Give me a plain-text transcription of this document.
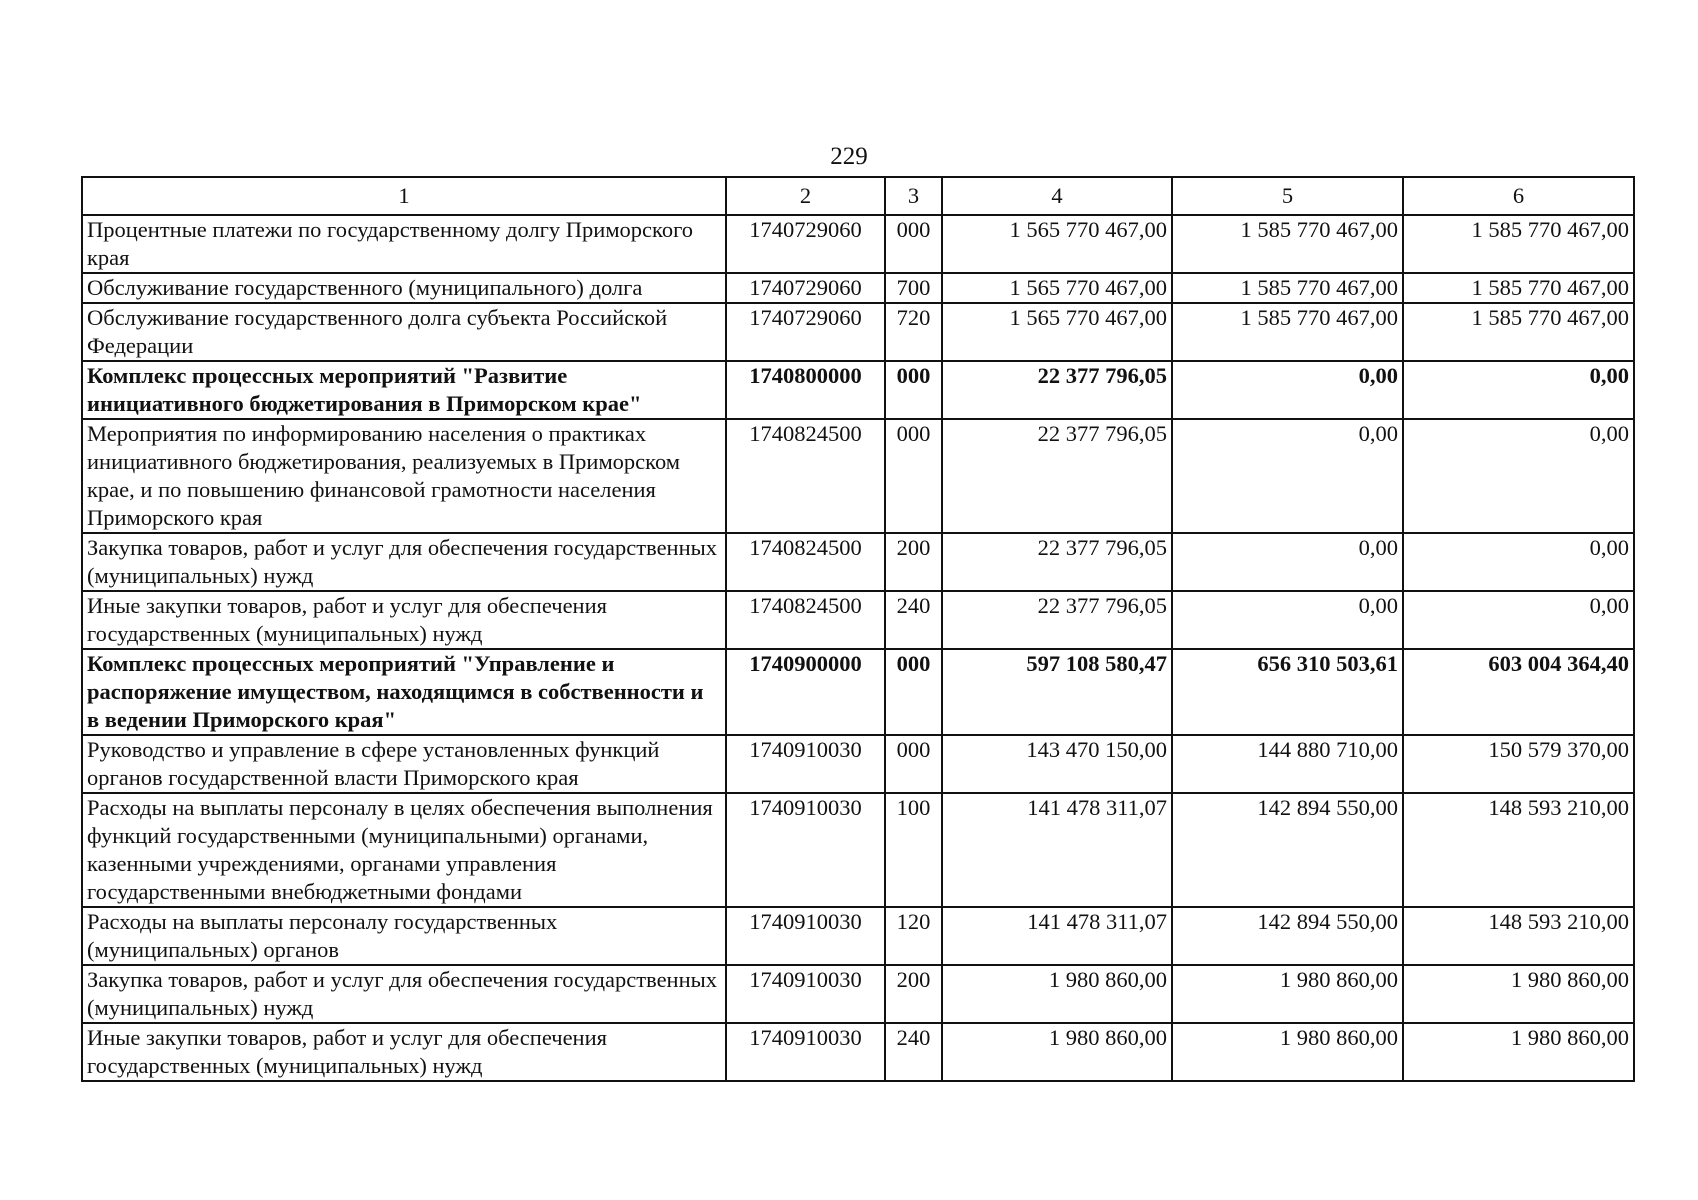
229
1	2	3	4	5	6
Процентные платежи по государственному долгу Приморского края	1740729060	000	1 565 770 467,00	1 585 770 467,00	1 585 770 467,00
Обслуживание государственного (муниципального) долга	1740729060	700	1 565 770 467,00	1 585 770 467,00	1 585 770 467,00
Обслуживание государственного долга субъекта Российской Федерации	1740729060	720	1 565 770 467,00	1 585 770 467,00	1 585 770 467,00
Комплекс процессных мероприятий "Развитие инициативного бюджетирования в Приморском крае"	1740800000	000	22 377 796,05	0,00	0,00
Мероприятия по информированию населения о практиках инициативного бюджетирования, реализуемых в Приморском крае, и по повышению финансовой грамотности населения Приморского края	1740824500	000	22 377 796,05	0,00	0,00
Закупка товаров, работ и услуг для обеспечения государственных (муниципальных) нужд	1740824500	200	22 377 796,05	0,00	0,00
Иные закупки товаров, работ и услуг для обеспечения государственных (муниципальных) нужд	1740824500	240	22 377 796,05	0,00	0,00
Комплекс процессных мероприятий "Управление и распоряжение имуществом, находящимся в собственности и в ведении Приморского края"	1740900000	000	597 108 580,47	656 310 503,61	603 004 364,40
Руководство и управление в сфере установленных функций органов государственной власти Приморского края	1740910030	000	143 470 150,00	144 880 710,00	150 579 370,00
Расходы на выплаты персоналу в целях обеспечения выполнения функций государственными (муниципальными) органами, казенными учреждениями, органами управления государственными внебюджетными фондами	1740910030	100	141 478 311,07	142 894 550,00	148 593 210,00
Расходы на выплаты персоналу государственных (муниципальных) органов	1740910030	120	141 478 311,07	142 894 550,00	148 593 210,00
Закупка товаров, работ и услуг для обеспечения государственных (муниципальных) нужд	1740910030	200	1 980 860,00	1 980 860,00	1 980 860,00
Иные закупки товаров, работ и услуг для обеспечения государственных (муниципальных) нужд	1740910030	240	1 980 860,00	1 980 860,00	1 980 860,00
